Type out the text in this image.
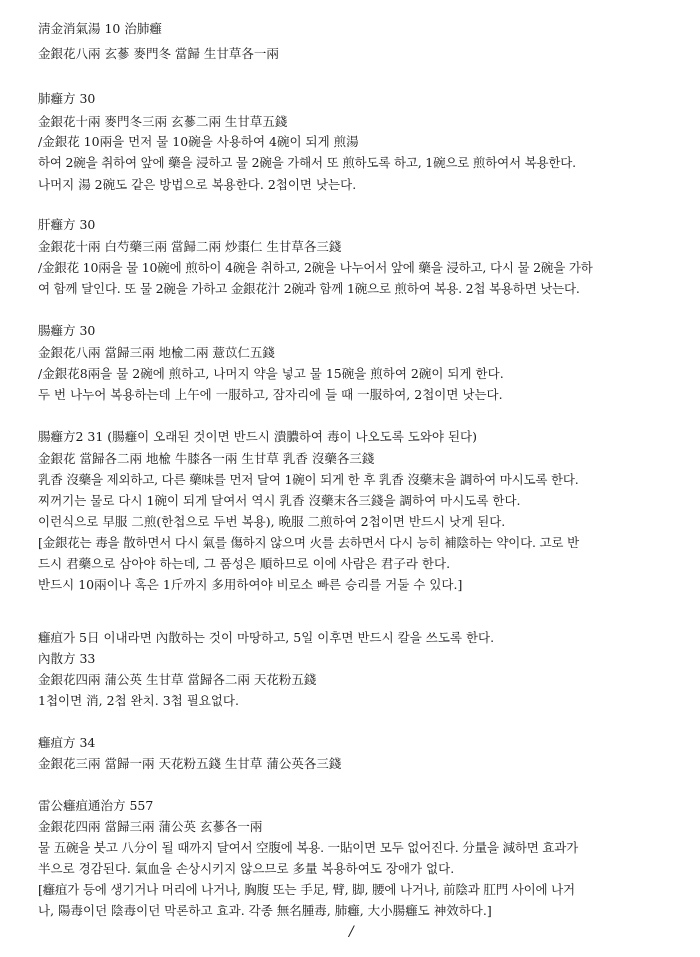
淸金消氣湯 10 治肺癰
金銀花八兩 玄蔘 麥門冬 當歸 生甘草各一兩
肺癰方 30
金銀花十兩 麥門冬三兩 玄蔘二兩 生甘草五錢
/金銀花 10兩을 먼저 물 10碗을 사용하여 4碗이 되게 煎湯
하여 2碗을 취하여 앞에 藥을 浸하고 물 2碗을 가해서 또 煎하도록 하고, 1碗으로 煎하여서 복용한다.
나머지 湯 2碗도 같은 방법으로 복용한다. 2첩이면 낫는다.
肝癰方 30
金銀花十兩 白芍藥三兩 當歸二兩 炒棗仁 生甘草各三錢
/金銀花 10兩을 물 10碗에 煎하이 4碗을 취하고, 2碗을 나누어서 앞에 藥을 浸하고, 다시 물 2碗을 가하
여 함께 달인다. 또 물 2碗을 가하고 金銀花汁 2碗과 함께 1碗으로 煎하여 복용. 2첩 복용하면 낫는다.
腸癰方 30
金銀花八兩 當歸三兩 地楡二兩 薏苡仁五錢
/金銀花8兩을 물 2碗에 煎하고, 나머지 약을 넣고 물 15碗을 煎하여 2碗이 되게 한다.
두 번 나누어 복용하는데 上午에 一服하고, 잠자리에 들 때 一服하여, 2첩이면 낫는다.
腸癰方2 31 (腸癰이 오래된 것이면 반드시 潰膿하여 毒이 나오도록 도와야 된다)
金銀花 當歸各二兩 地楡 牛膝各一兩 生甘草 乳香 沒藥各三錢
乳香 沒藥을 제외하고, 다른 藥味를 먼저 달여 1碗이 되게 한 후 乳香 沒藥末을 調하여 마시도록 한다.
찌꺼기는 물로 다시 1碗이 되게 달여서 역시 乳香 沒藥末各三錢을 調하여 마시도록 한다.
이런식으로 早服 二煎(한첩으로 두번 복용), 晩服 二煎하여 2첩이면 반드시 낫게 된다.
[金銀花는 毒을 散하면서 다시 氣를 傷하지 않으며 火를 去하면서 다시 능히 補陰하는 약이다. 고로 반
드시 君藥으로 삼아야 하는데, 그 품성은 順하므로 이에 사람은 君子라 한다.
반드시 10兩이나 혹은 1斤까지 多用하여야 비로소 빠른 승리를 거둘 수 있다.]
癰疽가 5日 이내라면 內散하는 것이 마땅하고, 5일 이후면 반드시 칼을 쓰도록 한다.
內散方 33
金銀花四兩 蒲公英 生甘草 當歸各二兩 天花粉五錢
1첩이면 消, 2첩 완치. 3첩 필요없다.
癰疽方 34
金銀花三兩 當歸一兩 天花粉五錢 生甘草 蒲公英各三錢
雷公癰疽通治方 557
金銀花四兩 當歸三兩 蒲公英 玄蔘各一兩
물 五碗을 붓고 八分이 될 때까지 달여서 空腹에 복용. 一貼이면 모두 없어진다. 分量을 減하면 효과가
半으로 경감된다. 氣血을 손상시키지 않으므로 多量 복용하여도 장애가 없다.
[癰疽가 등에 생기거나 머리에 나거나, 胸腹 또는 手足, 臂, 脚, 腰에 나거나, 前陰과 肛門 사이에 나거
나, 陽毒이던 陰毒이던 막론하고 효과. 각종 無名腫毒, 肺癰, 大小腸癰도 神效하다.]
/
